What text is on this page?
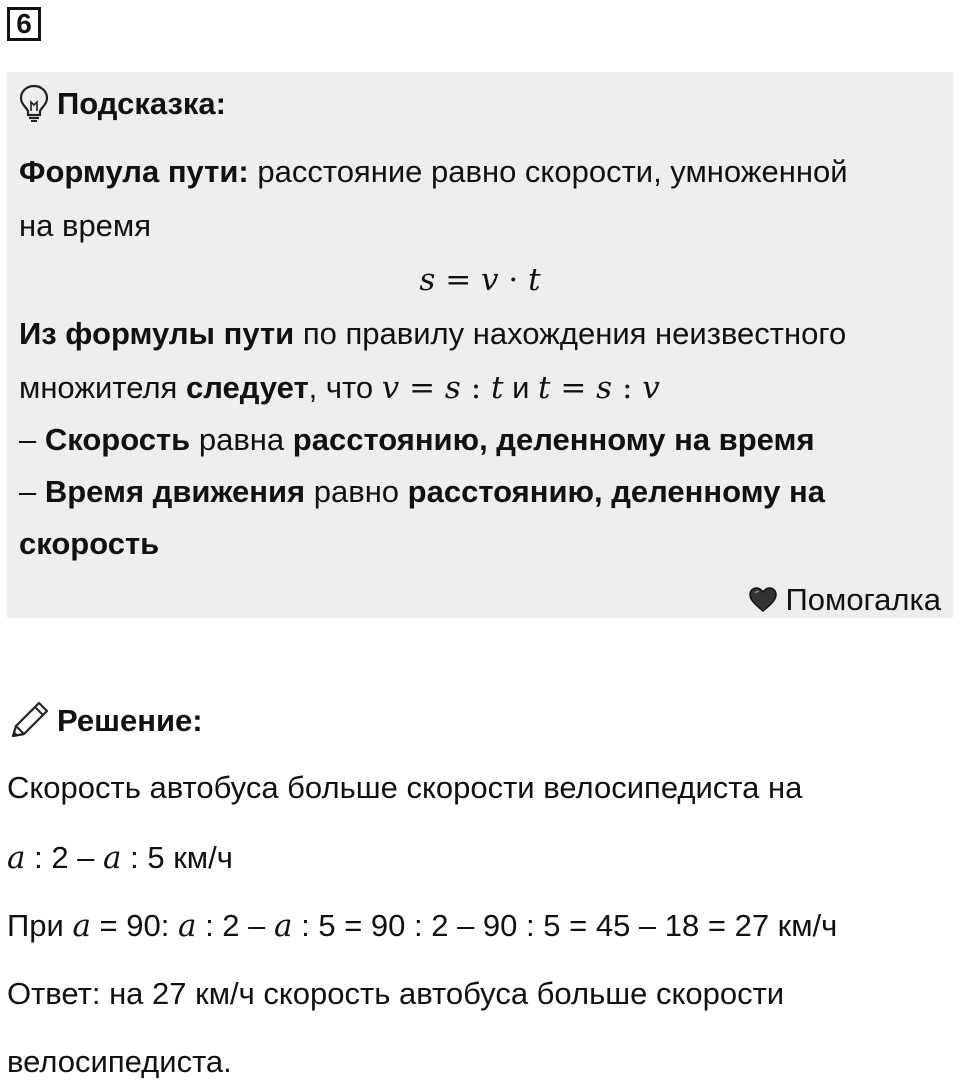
6
Подсказка:
Формула пути: расстояние равно скорости, умноженной
на время
s = v · t
Из формулы пути по правилу нахождения неизвестного
множителя следует, что v = s : t и t = s : v
– Скорость равна расстоянию, деленному на время
– Время движения равно расстоянию, деленному на
скорость
Помогалка
Решение:
Скорость автобуса больше скорости велосипедиста на
a : 2 – a : 5 км/ч
При a = 90: a : 2 – a : 5 = 90 : 2 – 90 : 5 = 45 – 18 = 27 км/ч
Ответ: на 27 км/ч скорость автобуса больше скорости
велосипедиста.
